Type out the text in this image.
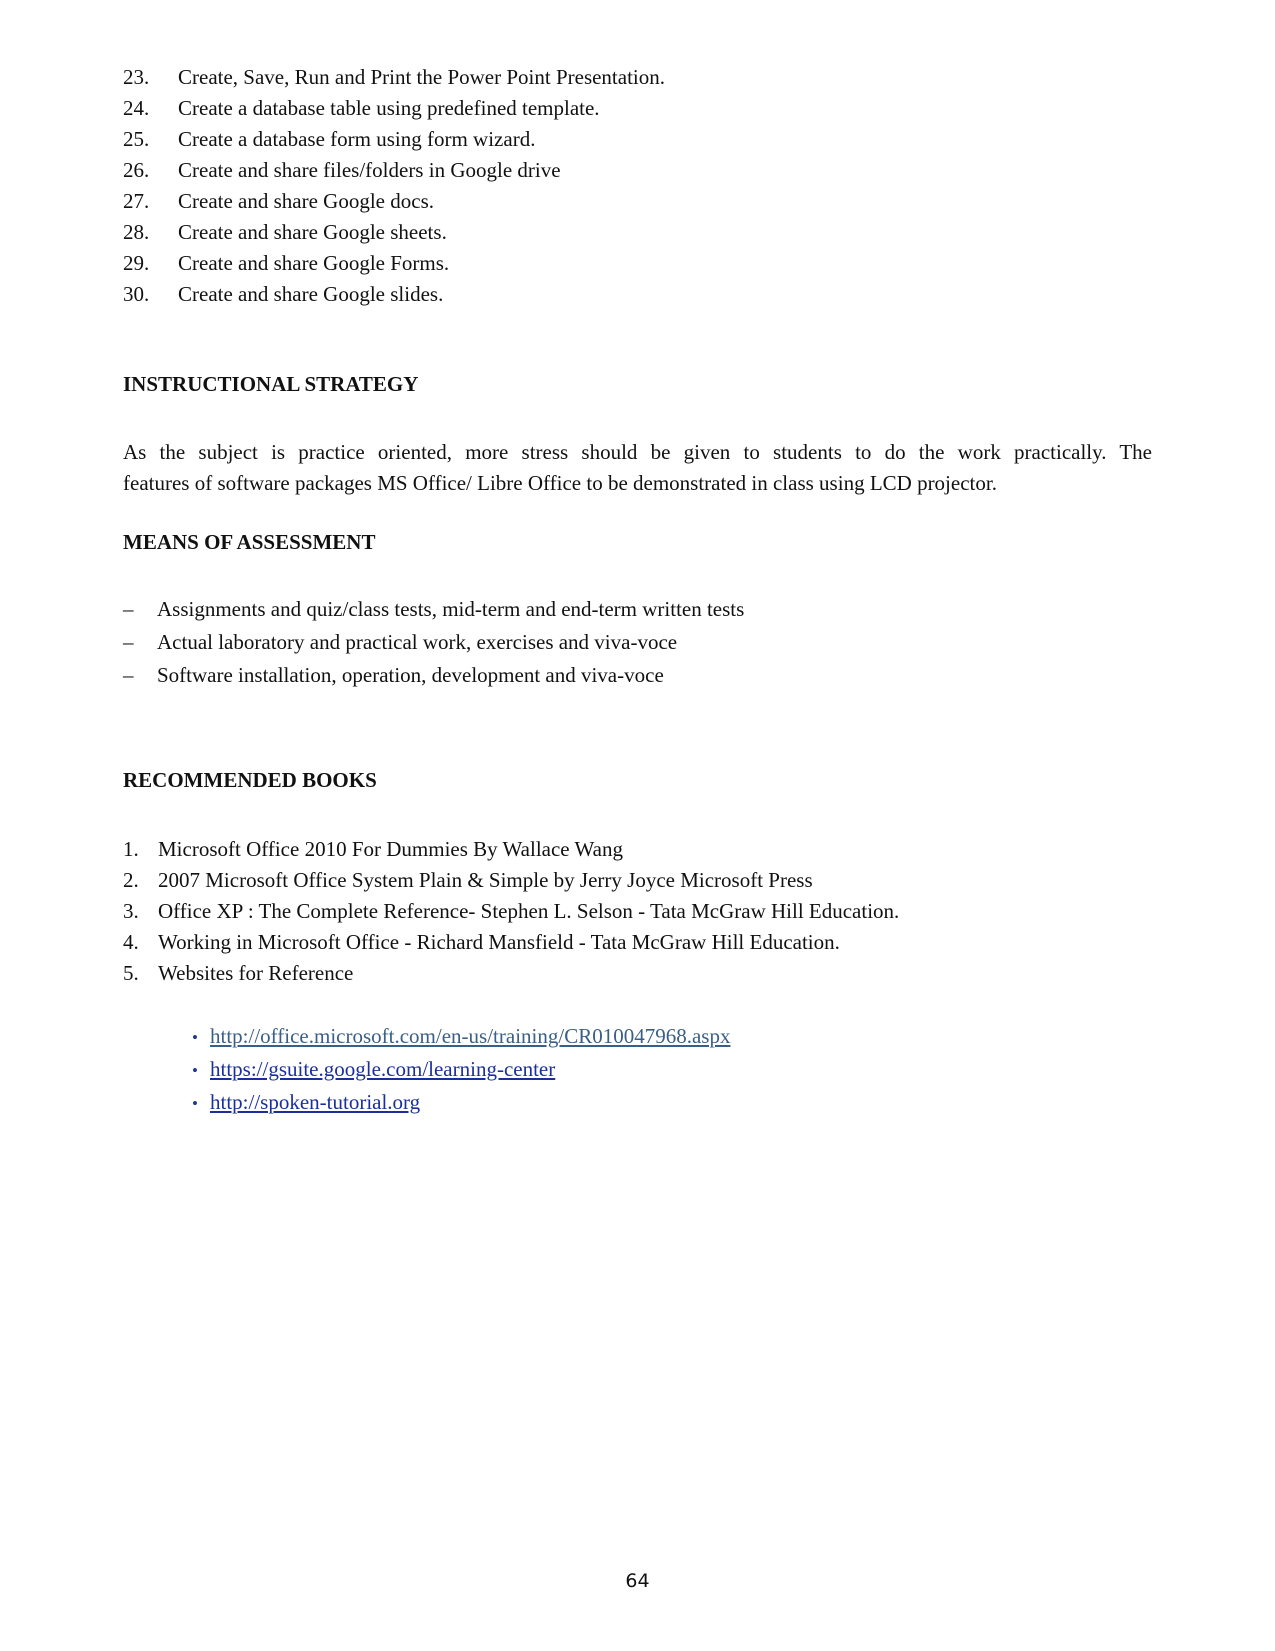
23. Create, Save, Run and Print the Power Point Presentation.
24. Create a database table using predefined template.
25. Create a database form using form wizard.
26. Create and share files/folders in Google drive
27. Create and share Google docs.
28. Create and share Google sheets.
29. Create and share Google Forms.
30. Create and share Google slides.
INSTRUCTIONAL STRATEGY

As the subject is practice oriented, more stress should be given to students to do the work practically. The
features of software packages MS Office/ Libre Office to be demonstrated in class using LCD projector.

MEANS OF ASSESSMENT
– Assignments and quiz/class tests, mid-term and end-term written tests
– Actual laboratory and practical work, exercises and viva-voce
– Software installation, operation, development and viva-voce
RECOMMENDED BOOKS
1. Microsoft Office 2010 For Dummies By Wallace Wang
2. 2007 Microsoft Office System Plain & Simple by Jerry Joyce Microsoft Press
3. Office XP : The Complete Reference- Stephen L. Selson - Tata McGraw Hill Education.
4. Working in Microsoft Office - Richard Mansfield - Tata McGraw Hill Education.
5. Websites for Reference
• http://office.microsoft.com/en-us/training/CR010047968.aspx
• https://gsuite.google.com/learning-center
• http://spoken-tutorial.org
64
